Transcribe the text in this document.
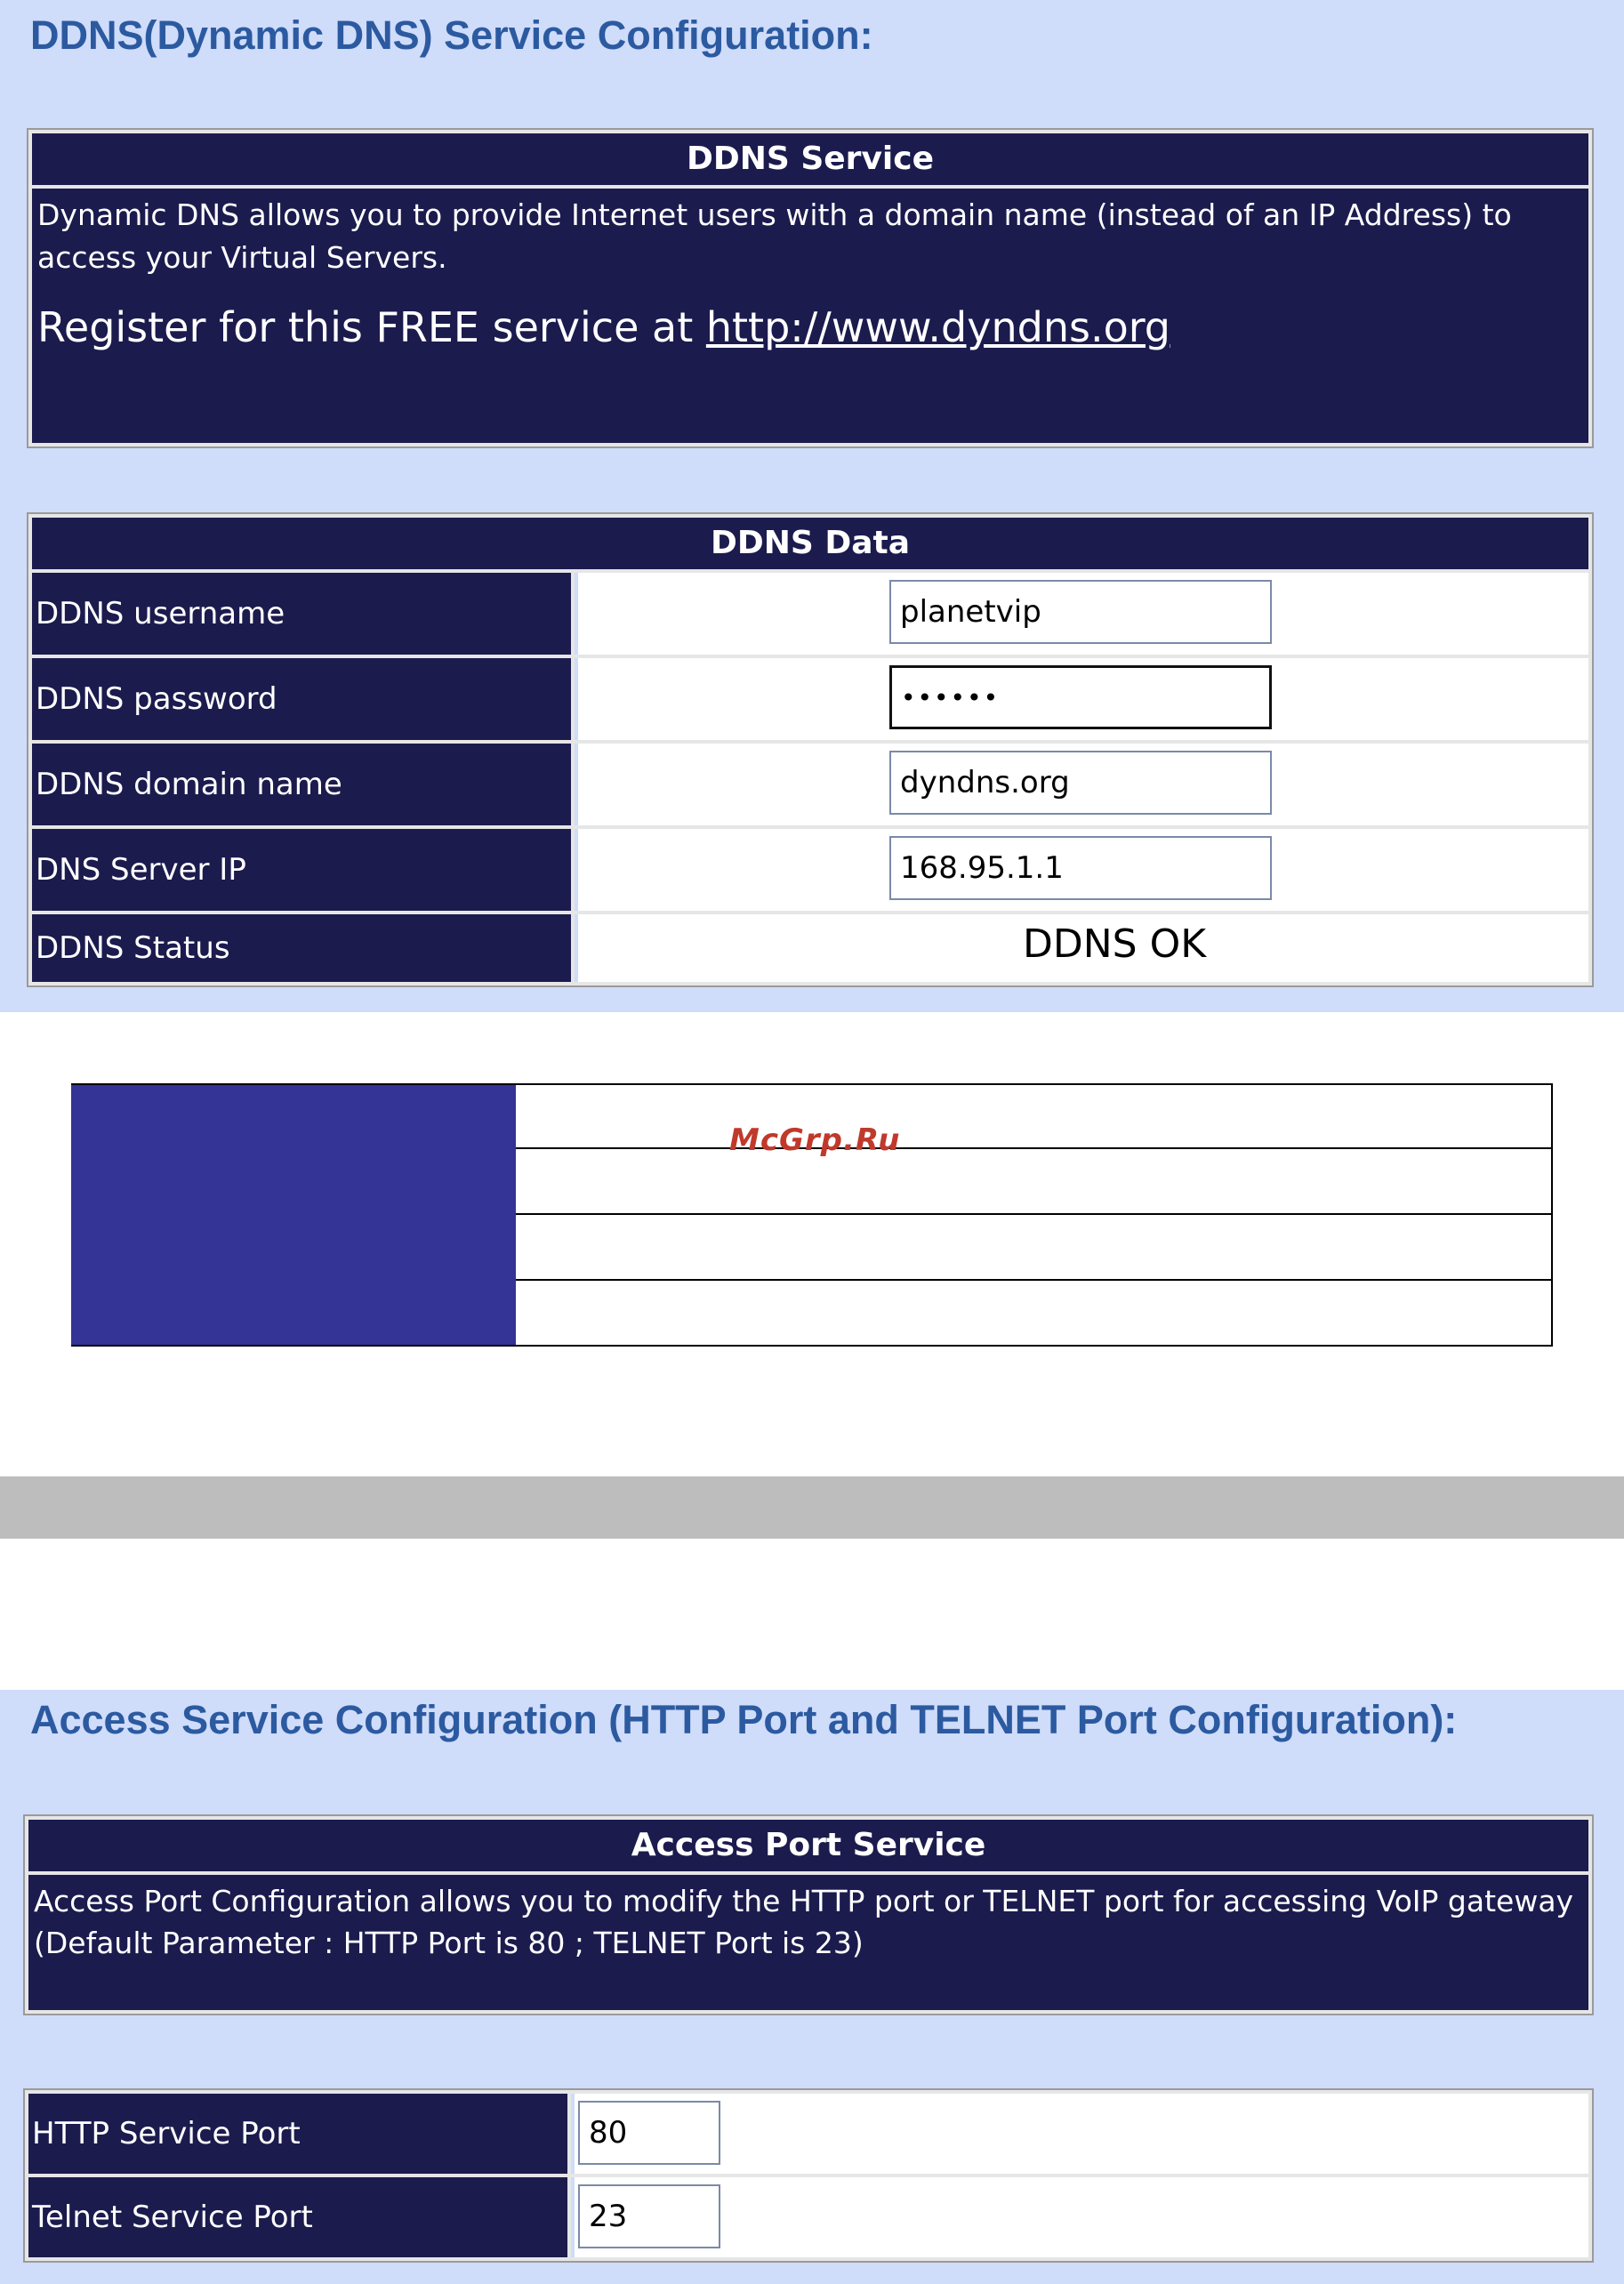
DDNS(Dynamic DNS) Service Configuration:
DDNS Service
Dynamic DNS allows you to provide Internet users with a domain name (instead of an IP Address) to access your Virtual Servers.
Register for this FREE service at http://www.dyndns.org
DDNS Data
DDNS username
planetvip
DDNS password
••••••
DDNS domain name
dyndns.org
DNS Server IP
168.95.1.1
DDNS Status	DDNS OK
McGrp.Ru
Access Service Configuration (HTTP Port and TELNET Port Configuration):
Access Port Service
Access Port Configuration allows you to modify the HTTP port or TELNET port for accessing VoIP gateway
(Default Parameter : HTTP Port is 80 ; TELNET Port is 23)
HTTP Service Port
80
Telnet Service Port
23
